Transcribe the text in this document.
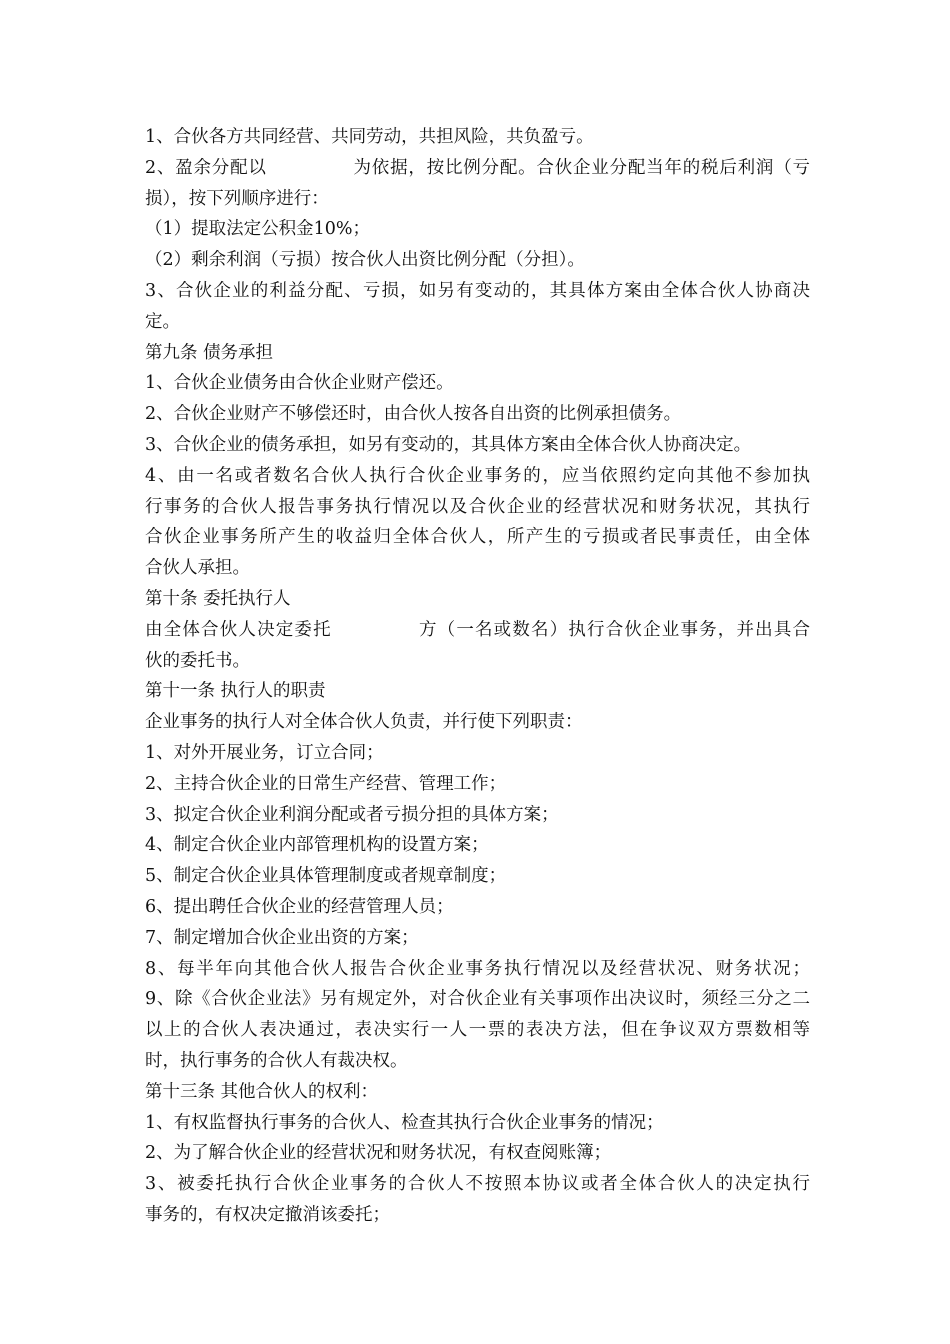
1、合伙各方共同经营、共同劳动，共担风险，共负盈亏。
2、盈余分配以	为依据，按比例分配。合伙企业分配当年的税后利润（亏
损），按下列顺序进行：
（1）提取法定公积金10%；
（2）剩余利润（亏损）按合伙人出资比例分配（分担）。
3、合伙企业的利益分配、亏损，如另有变动的，其具体方案由全体合伙人协商决
定。
第九条 债务承担
1、合伙企业债务由合伙企业财产偿还。
2、合伙企业财产不够偿还时，由合伙人按各自出资的比例承担债务。
3、合伙企业的债务承担，如另有变动的，其具体方案由全体合伙人协商决定。
4、由一名或者数名合伙人执行合伙企业事务的，应当依照约定向其他不参加执
行事务的合伙人报告事务执行情况以及合伙企业的经营状况和财务状况，其执行
合伙企业事务所产生的收益归全体合伙人，所产生的亏损或者民事责任，由全体
合伙人承担。
第十条 委托执行人
由全体合伙人决定委托	方（一名或数名）执行合伙企业事务，并出具合
伙的委托书。
第十一条 执行人的职责
企业事务的执行人对全体合伙人负责，并行使下列职责：
1、对外开展业务，订立合同；
2、主持合伙企业的日常生产经营、管理工作；
3、拟定合伙企业利润分配或者亏损分担的具体方案；
4、制定合伙企业内部管理机构的设置方案；
5、制定合伙企业具体管理制度或者规章制度；
6、提出聘任合伙企业的经营管理人员；
7、制定增加合伙企业出资的方案；
8、每半年向其他合伙人报告合伙企业事务执行情况以及经营状况、财务状况；
9、除《合伙企业法》另有规定外，对合伙企业有关事项作出决议时，须经三分之二
以上的合伙人表决通过，表决实行一人一票的表决方法，但在争议双方票数相等
时，执行事务的合伙人有裁决权。
第十三条 其他合伙人的权利：
1、有权监督执行事务的合伙人、检查其执行合伙企业事务的情况；
2、为了解合伙企业的经营状况和财务状况，有权查阅账簿；
3、被委托执行合伙企业事务的合伙人不按照本协议或者全体合伙人的决定执行
事务的，有权决定撤消该委托；
